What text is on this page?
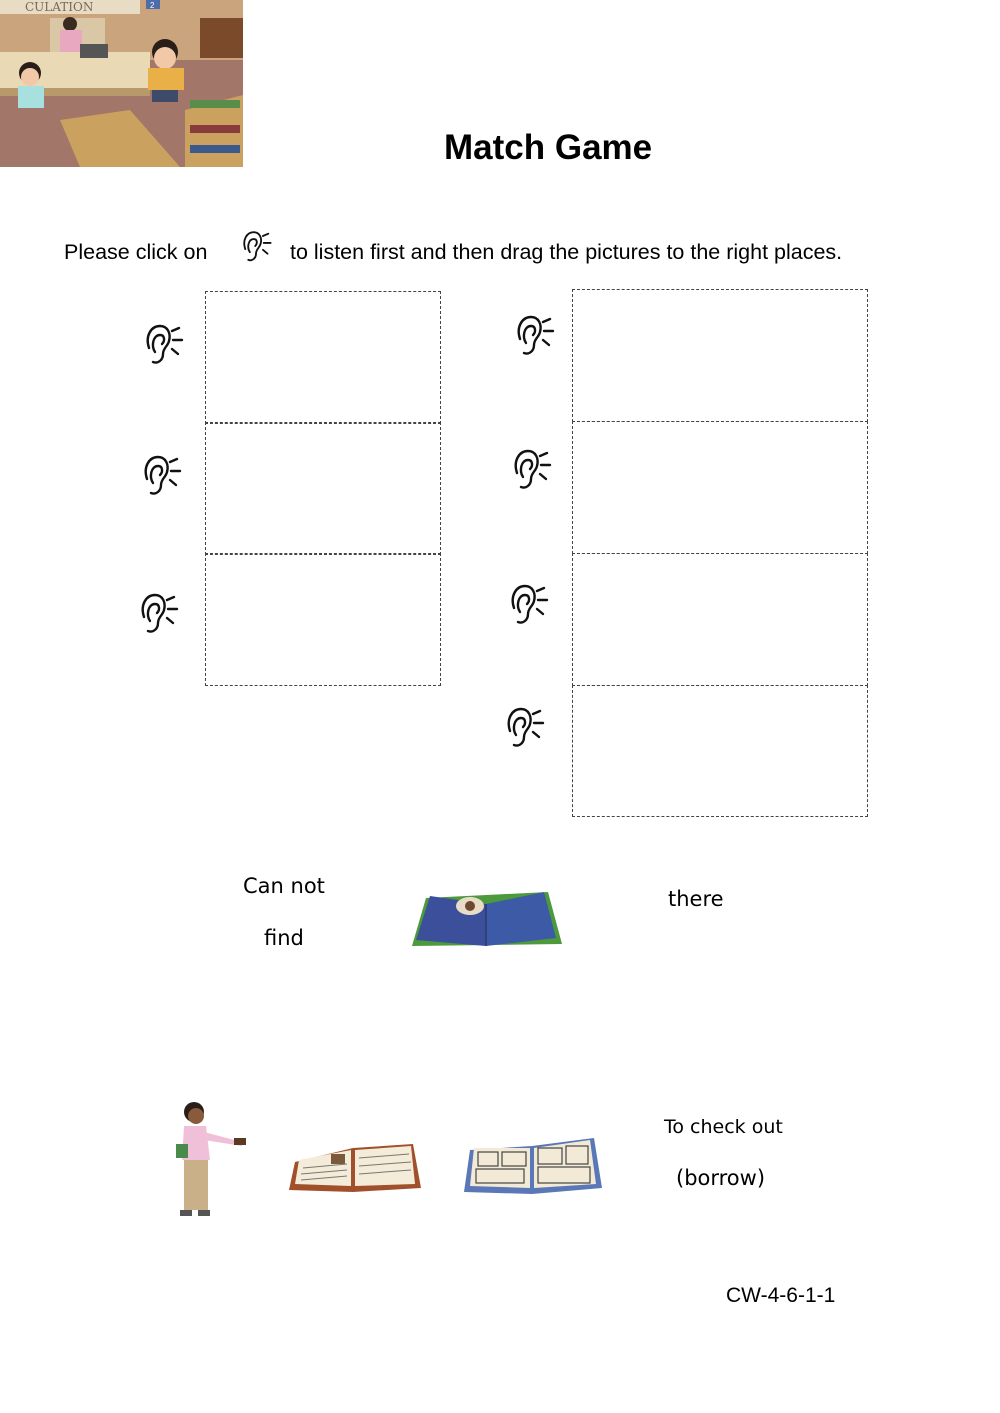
CULATION	2
Match Game
Please click on	to listen first and then drag the pictures to the right places.
Can not
find
there
To check out
(borrow)
CW-4-6-1-1
